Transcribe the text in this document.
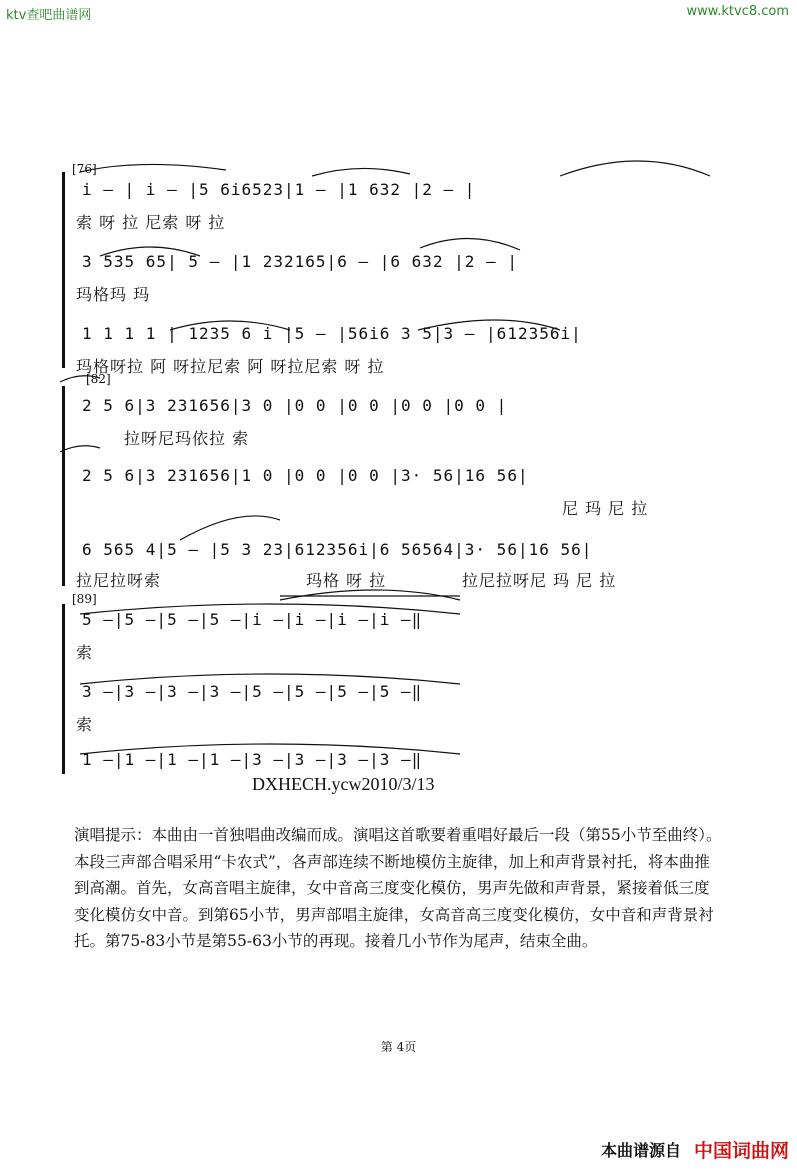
ktv查吧曲谱网	www.ktvc8.com
[76]
[82]
[89]
i – | i – |5 6i6523|1 – |1 632 |2 – |
索 呀 拉 尼索 呀 拉
3 535 65| 5 – |1 232165|6 – |6 632 |2 – |
玛格玛 玛
1 1 1 1 | 1235 6 i |5 – |56i6 3 5|3 – |612356i|
玛格呀拉 阿 呀拉尼索 阿 呀拉尼索 呀 拉
2 5 6|3 231656|3 0 |0 0 |0 0 |0 0 |0 0 |
拉呀尼玛依拉 索
2 5 6|3 231656|1 0 |0 0 |0 0 |3· 56|16 56|
尼 玛 尼 拉
6 565 4|5 – |5 3 23|612356i|6 56564|3· 56|16 56|
拉尼拉呀索	玛格 呀 拉	拉尼拉呀尼 玛 尼 拉
5 –|5 –|5 –|5 –|i –|i –|i –|i –‖
索
3 –|3 –|3 –|3 –|5 –|5 –|5 –|5 –‖
索
1 –|1 –|1 –|1 –|3 –|3 –|3 –|3 –‖
DXHECH.ycw2010/3/13
演唱提示：本曲由一首独唱曲改编而成。演唱这首歌要着重唱好最后一段（第55小节至曲终）。本段三声部合唱采用“卡农式”，各声部连续不断地模仿主旋律，加上和声背景衬托，将本曲推到高潮。首先，女高音唱主旋律，女中音高三度变化模仿，男声先做和声背景，紧接着低三度变化模仿女中音。到第65小节，男声部唱主旋律，女高音高三度变化模仿，女中音和声背景衬托。第75-83小节是第55-63小节的再现。接着几小节作为尾声，结束全曲。
第 4页
本曲谱源自 中国词曲网
